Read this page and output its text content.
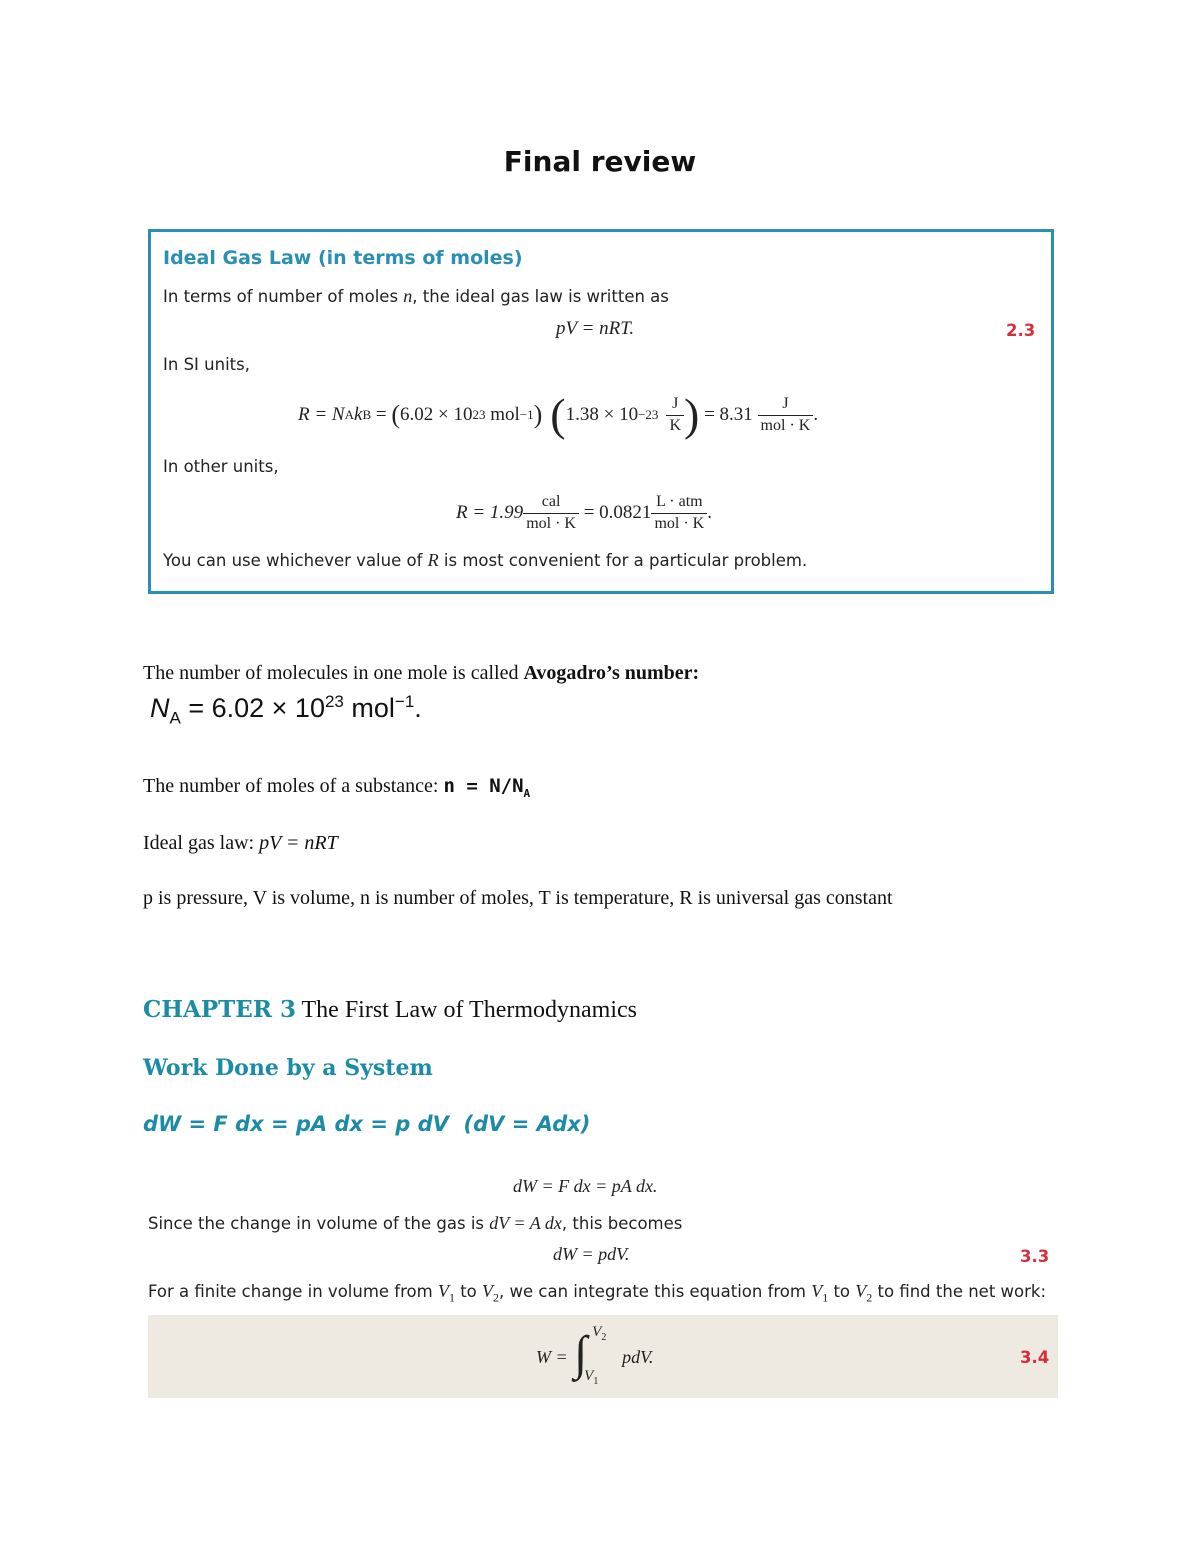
Final review
Ideal Gas Law (in terms of moles)
In terms of number of moles n, the ideal gas law is written as
pV = nRT.	2.3
In SI units,
R = N A k B = ( 6.02 × 10 23 mol −1 ) ( $1.38 \times 10 -23 \frac{J}{K}$ ) = $8.31 \frac{J}{\text{mol · K}}$ .
In other units,
$R = 1.99 \frac{\text{cal}}{\text{mol · K}} = 0.0821 \frac{\text{L · atm}}{\text{mol · K}}$ .
You can use whichever value of R is most convenient for a particular problem.
The number of molecules in one mole is called Avogadro’s number:
$N_A = 6.02 \times 10^{23}$ mol$^{-1}$.
The number of moles of a substance: $n = N/N_A$
Ideal gas law: pV = nRT
p is pressure, V is volume, n is number of moles, T is temperature, R is universal gas constant
CHAPTER 3 The First Law of Thermodynamics
Work Done by a System
dW = F dx = pA dx = p dV  (dV = Adx)
dW = F dx = pA dx.
Since the change in volume of the gas is dV = A dx, this becomes
dW = pdV.	3.3
For a finite change in volume from $V_1$ to $V_2$, we can integrate this equation from $V_1$ to $V_2$ to find the net work:
W = ∫ $V_2$
$V_1$
pdV.	3.4
